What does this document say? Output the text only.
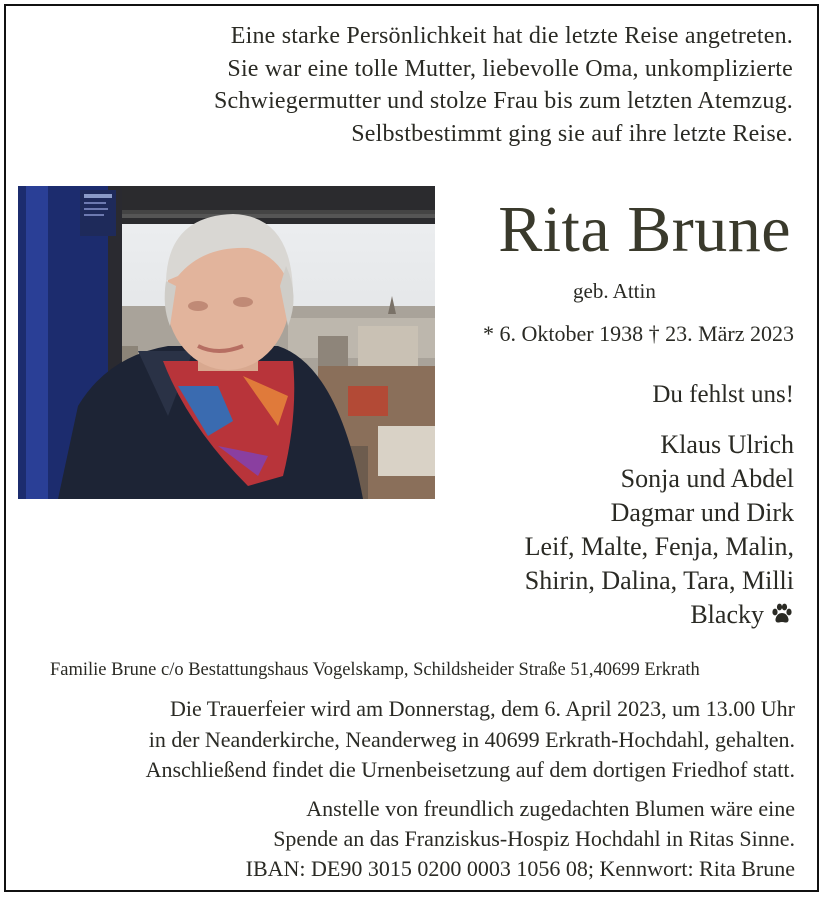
Eine starke Persönlichkeit hat die letzte Reise angetreten.
Sie war eine tolle Mutter, liebevolle Oma, unkomplizierte
Schwiegermutter und stolze Frau bis zum letzten Atemzug.
Selbstbestimmt ging sie auf ihre letzte Reise.
Rita Brune
geb. Attin
* 6. Oktober 1938 † 23. März 2023
Du fehlst uns!
Klaus Ulrich
Sonja und Abdel
Dagmar und Dirk
Leif, Malte, Fenja, Malin,
Shirin, Dalina, Tara, Milli
Blacky
Familie Brune c/o Bestattungshaus Vogelskamp, Schildsheider Straße 51,40699 Erkrath
Die Trauerfeier wird am Donnerstag, dem 6. April 2023, um 13.00 Uhr
in der Neanderkirche, Neanderweg in 40699 Erkrath-Hochdahl, gehalten.
Anschließend findet die Urnenbeisetzung auf dem dortigen Friedhof statt.
Anstelle von freundlich zugedachten Blumen wäre eine
Spende an das Franziskus-Hospiz Hochdahl in Ritas Sinne.
IBAN: DE90 3015 0200 0003 1056 08; Kennwort: Rita Brune
